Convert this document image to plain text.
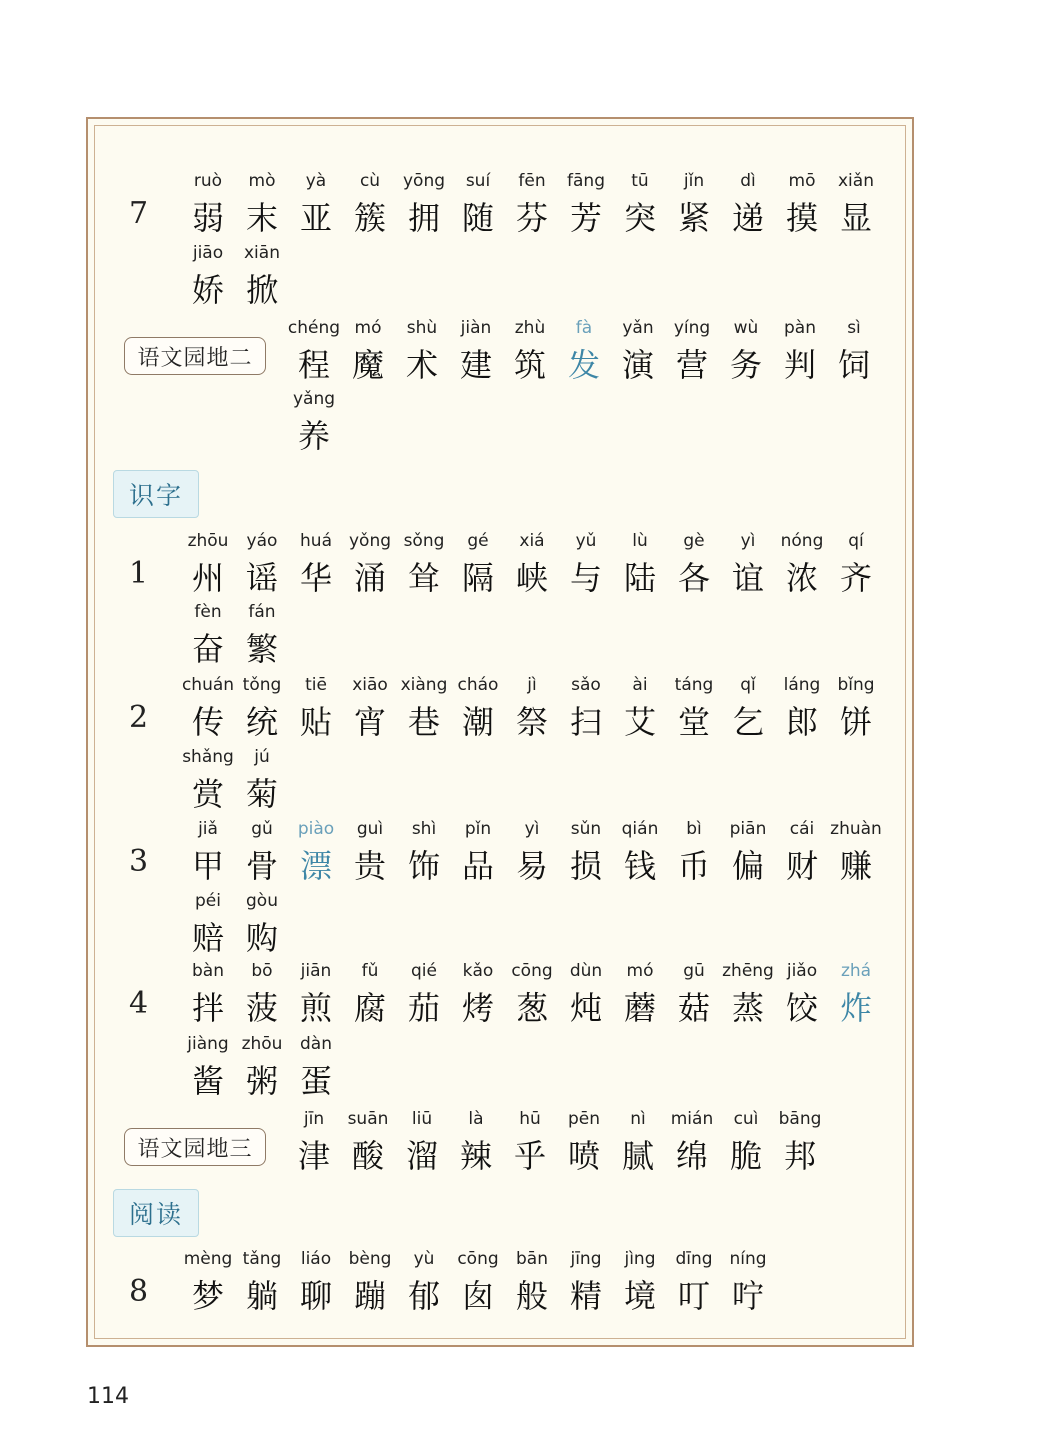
7
ruò
弱
mò
末
yà
亚
cù
簇
yōng
拥
suí
随
fēn
芬
fāng
芳
tū
突
jǐn
紧
dì
递
mō
摸
xiǎn
显
jiāo
娇
xiān
掀
chéng
程
mó
魔
shù
术
jiàn
建
zhù
筑
fà
发
yǎn
演
yíng
营
wù
务
pàn
判
sì
饲
yǎng
养
1
zhōu
州
yáo
谣
huá
华
yǒng
涌
sǒng
耸
gé
隔
xiá
峡
yǔ
与
lù
陆
gè
各
yì
谊
nóng
浓
qí
齐
fèn
奋
fán
繁
2
chuán
传
tǒng
统
tiē
贴
xiāo
宵
xiàng
巷
cháo
潮
jì
祭
sǎo
扫
ài
艾
táng
堂
qǐ
乞
láng
郎
bǐng
饼
shǎng
赏
jú
菊
3
jiǎ
甲
gǔ
骨
piào
漂
guì
贵
shì
饰
pǐn
品
yì
易
sǔn
损
qián
钱
bì
币
piān
偏
cái
财
zhuàn
赚
péi
赔
gòu
购
4
bàn
拌
bō
菠
jiān
煎
fǔ
腐
qié
茄
kǎo
烤
cōng
葱
dùn
炖
mó
蘑
gū
菇
zhēng
蒸
jiǎo
饺
zhá
炸
jiàng
酱
zhōu
粥
dàn
蛋
jīn
津
suān
酸
liū
溜
là
辣
hū
乎
pēn
喷
nì
腻
mián
绵
cuì
脆
bāng
邦
8
mèng
梦
tǎng
躺
liáo
聊
bèng
蹦
yù
郁
cōng
囱
bān
般
jīng
精
jìng
境
dīng
叮
níng
咛
语文园地二
语文园地三
识字
阅读
114
